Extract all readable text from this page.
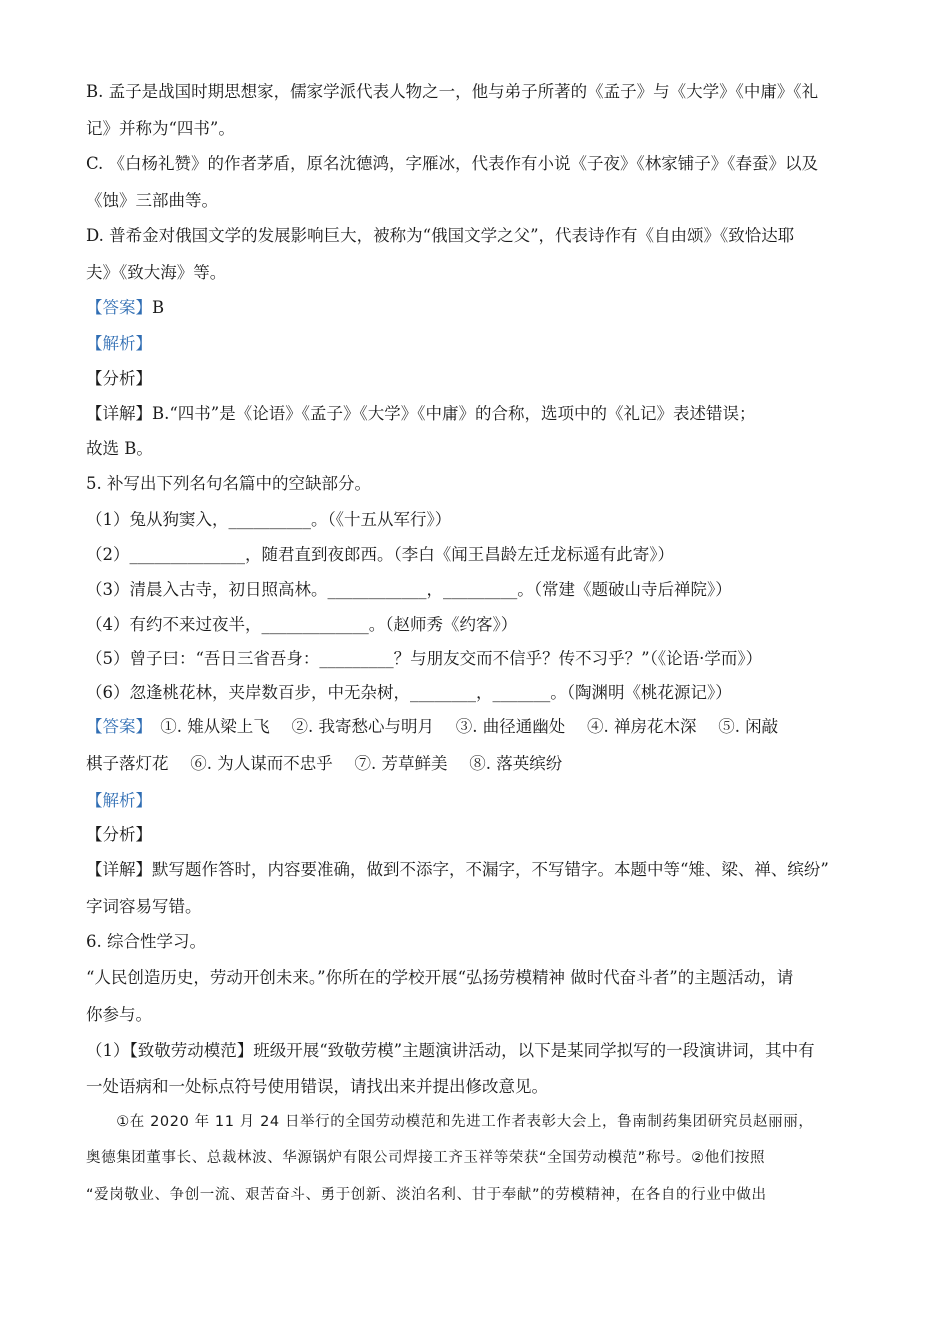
B. 孟子是战国时期思想家，儒家学派代表人物之一，他与弟子所著的《孟子》与《大学》《中庸》《礼
记》并称为“四书”。
C. 《白杨礼赞》的作者茅盾，原名沈德鸿，字雁冰，代表作有小说《子夜》《林家铺子》《春蚕》以及
《蚀》三部曲等。
D. 普希金对俄国文学的发展影响巨大，被称为“俄国文学之父”，代表诗作有《自由颂》《致恰达耶
夫》《致大海》等。
【答案】B
【解析】
【分析】
【详解】B.“四书”是《论语》《孟子》《大学》《中庸》的合称，选项中的《礼记》表述错误；
故选 B。
5. 补写出下列名句名篇中的空缺部分。
（1）兔从狗窦入，__________。（《十五从军行》）
（2）______________，随君直到夜郎西。（李白《闻王昌龄左迁龙标遥有此寄》）
（3）清晨入古寺，初日照高林。____________，_________。（常建《题破山寺后禅院》）
（4）有约不来过夜半，_____________。（赵师秀《约客》）
（5）曾子曰：“吾日三省吾身：_________？与朋友交而不信乎？传不习乎？”（《论语·学而》）
（6）忽逢桃花林，夹岸数百步，中无杂树，________，_______。（陶渊明《桃花源记》）
【答案】　①. 雉从梁上飞　 ②. 我寄愁心与明月　 ③. 曲径通幽处　 ④. 禅房花木深　 ⑤. 闲敲
棋子落灯花　 ⑥. 为人谋而不忠乎　 ⑦. 芳草鲜美　 ⑧. 落英缤纷
【解析】
【分析】
【详解】默写题作答时，内容要准确，做到不添字，不漏字，不写错字。本题中等“雉、梁、禅、缤纷”
字词容易写错。
6. 综合性学习。
“人民创造历史，劳动开创未来。”你所在的学校开展“弘扬劳模精神 做时代奋斗者”的主题活动，请
你参与。
（1）【致敬劳动模范】班级开展“致敬劳模”主题演讲活动，以下是某同学拟写的一段演讲词，其中有
一处语病和一处标点符号使用错误，请找出来并提出修改意见。
　　①在 2020 年 11 月 24 日举行的全国劳动模范和先进工作者表彰大会上，鲁南制药集团研究员赵丽丽，
奥德集团董事长、总裁林波、华源锅炉有限公司焊接工齐玉祥等荣获“全国劳动模范”称号。②他们按照
“爱岗敬业、争创一流、艰苦奋斗、勇于创新、淡泊名利、甘于奉献”的劳模精神，在各自的行业中做出
